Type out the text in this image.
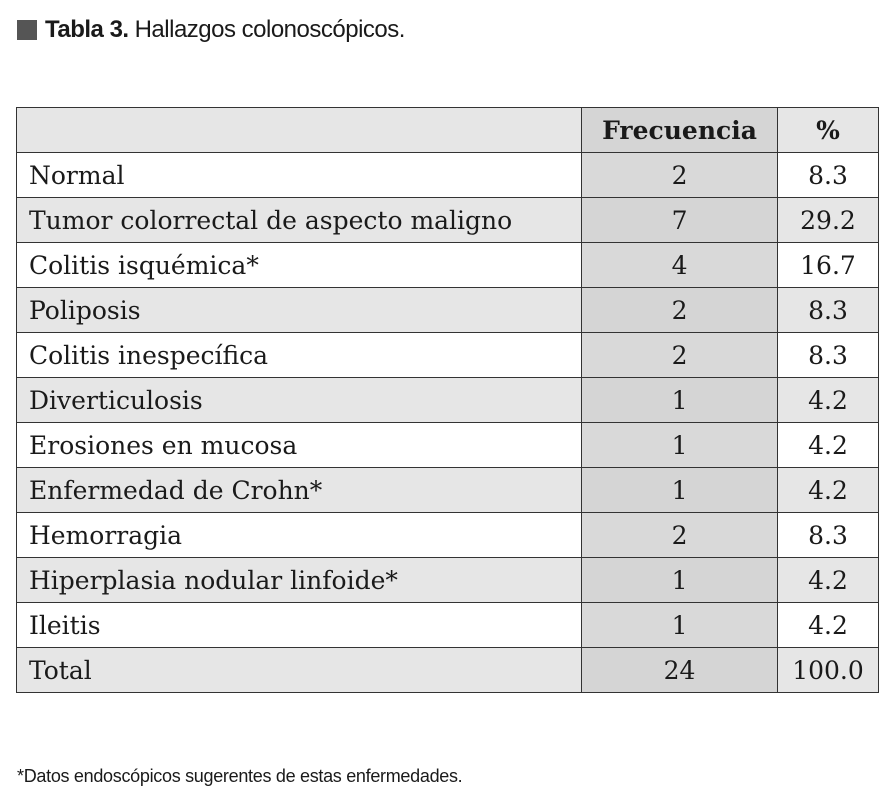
Tabla 3. Hallazgos colonoscópicos.
	Frecuencia	%
Normal	2	8.3
Tumor colorrectal de aspecto maligno	7	29.2
Colitis isquémica*	4	16.7
Poliposis	2	8.3
Colitis inespecífica	2	8.3
Diverticulosis	1	4.2
Erosiones en mucosa	1	4.2
Enfermedad de Crohn*	1	4.2
Hemorragia	2	8.3
Hiperplasia nodular linfoide*	1	4.2
Ileitis	1	4.2
Total	24	100.0
*Datos endoscópicos sugerentes de estas enfermedades.
